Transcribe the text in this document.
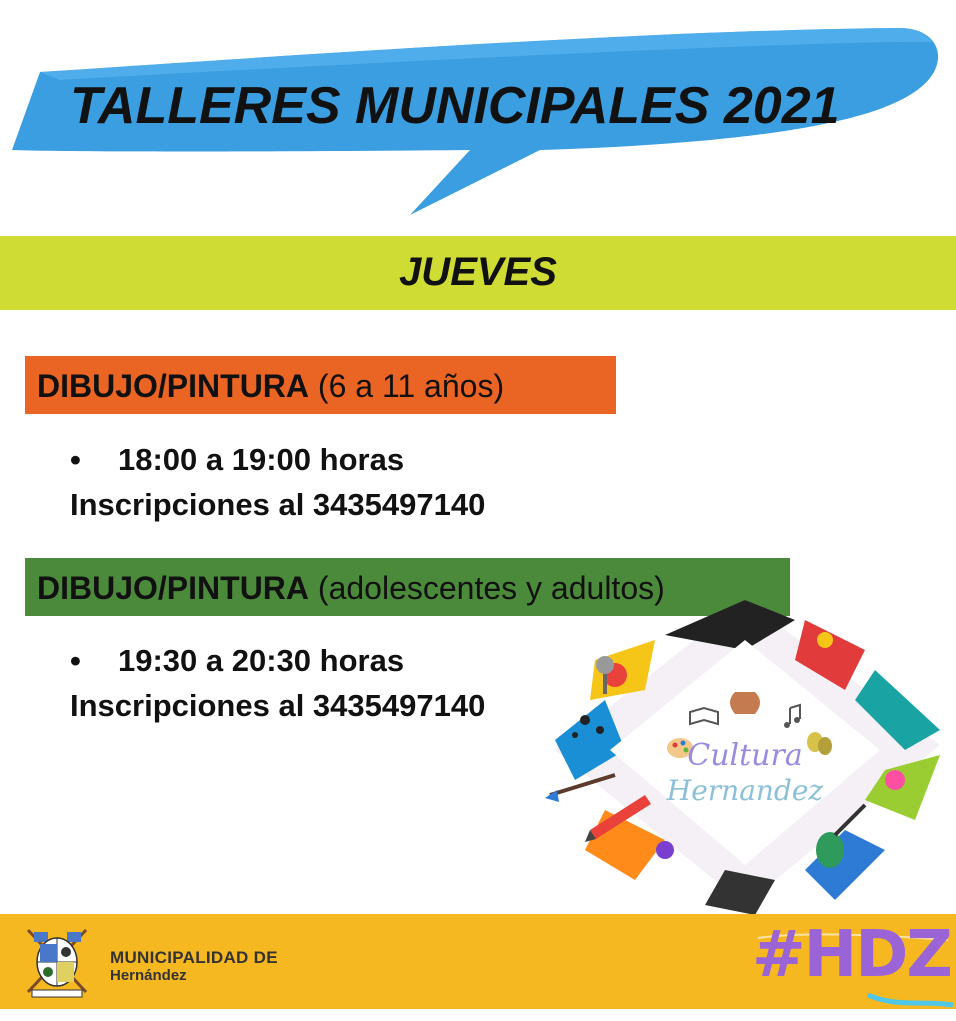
TALLERES MUNICIPALES 2021
JUEVES
DIBUJO/PINTURA (6 a 11 años)
• 18:00 a 19:00 horas
Inscripciones al 3435497140
DIBUJO/PINTURA (adolescentes y adultos)
• 19:30 a 20:30 horas
Inscripciones al 3435497140
Cultura
Hernandez
MUNICIPALIDAD DE
Hernández	#HDZ
